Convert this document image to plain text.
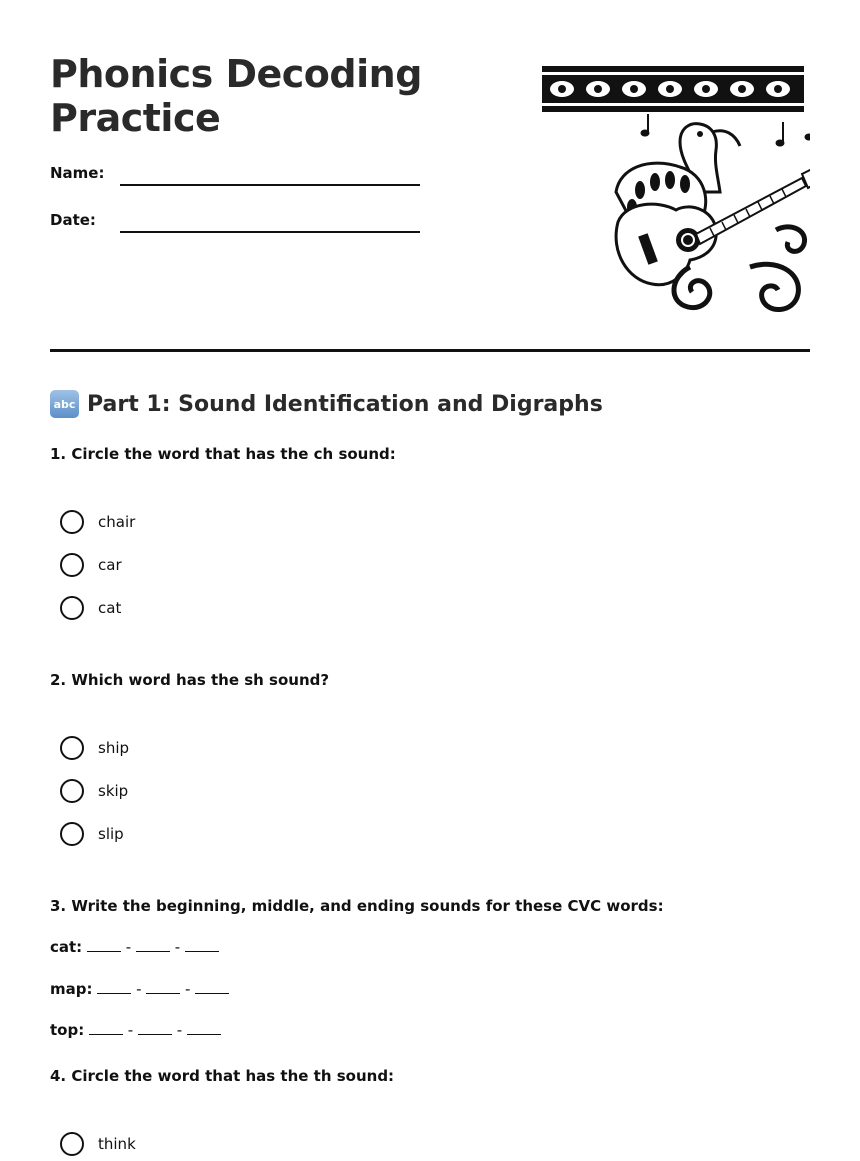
Phonics Decoding
Practice
Name:
Date:
abc Part 1: Sound Identification and Digraphs
1. Circle the word that has the ch sound:
chair
car
cat
2. Which word has the sh sound?
ship
skip
slip
3. Write the beginning, middle, and ending sounds for these CVC words:
cat:	-	-
map:	-	-
top:	-	-
4. Circle the word that has the th sound:
think
